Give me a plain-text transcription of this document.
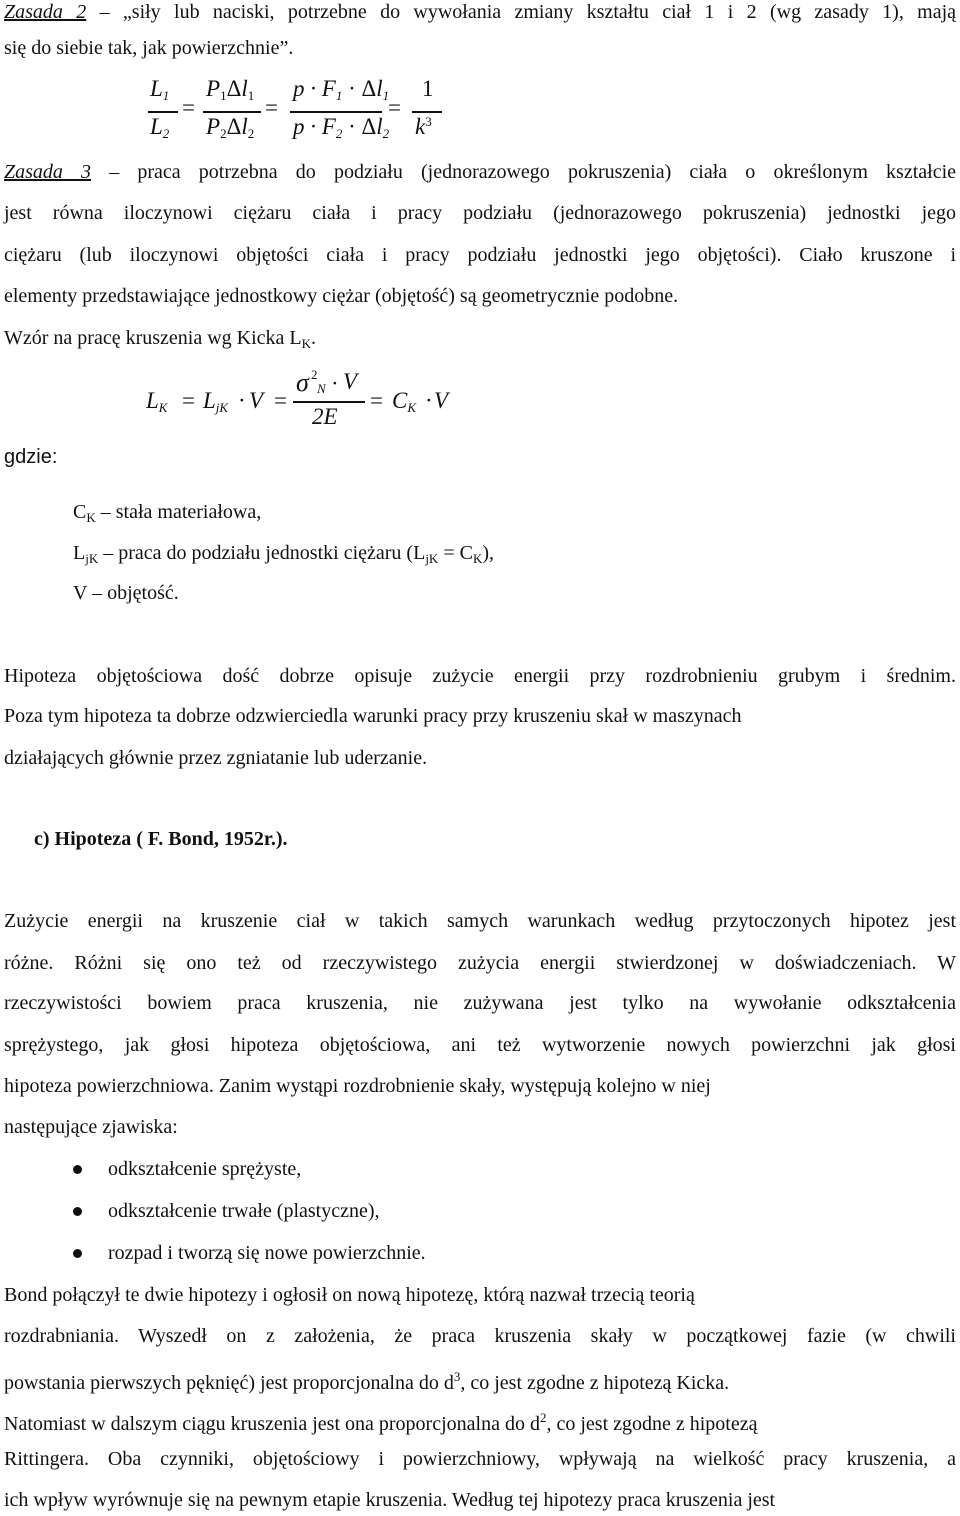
Zasada 2 – „siły lub naciski, potrzebne do wywołania zmiany kształtu ciał 1 i 2 (wg zasady 1), mają
się do siebie tak, jak powierzchnie”.
$L_1$
$L_2$
=
$P_1\Delta l_1$
$P_2\Delta l_2$
=
$p \cdot F_1 \cdot \Delta l_1$
$p \cdot F_2 \cdot \Delta l_2$
=
1
$k^3$
Zasada 3 – praca potrzebna do podziału (jednorazowego pokruszenia) ciała o określonym kształcie
jest równa iloczynowi ciężaru ciała i pracy podziału (jednorazowego pokruszenia) jednostki jego
ciężaru (lub iloczynowi objętości ciała i pracy podziału jednostki jego objętości). Ciało kruszone i
elementy przedstawiające jednostkowy ciężar (objętość) są geometrycznie podobne.
Wzór na pracę kruszenia wg Kicka $L_K$.
$L_K = L_{jK} \cdot V$ =
σ 2
N · V
2E
= $C_K \cdot V$
gdzie:
$C_K$ – stała materiałowa,
$L_{jK}$ – praca do podziału jednostki ciężaru $(L_{jK} = C_K)$,
V – objętość.
Hipoteza objętościowa dość dobrze opisuje zużycie energii przy rozdrobnieniu grubym i średnim.
Poza tym hipoteza ta dobrze odzwierciedla warunki pracy przy kruszeniu skał w maszynach
działających głównie przez zgniatanie lub uderzanie.
c) Hipoteza ( F. Bond, 1952r.).
Zużycie energii na kruszenie ciał w takich samych warunkach według przytoczonych hipotez jest
różne. Różni się ono też od rzeczywistego zużycia energii stwierdzonej w doświadczeniach. W
rzeczywistości bowiem praca kruszenia, nie zużywana jest tylko na wywołanie odkształcenia
sprężystego, jak głosi hipoteza objętościowa, ani też wytworzenie nowych powierzchni jak głosi
hipoteza powierzchniowa. Zanim wystąpi rozdrobnienie skały, występują kolejno w niej
następujące zjawiska:
odkształcenie sprężyste,
odkształcenie trwałe (plastyczne),
rozpad i tworzą się nowe powierzchnie.
Bond połączył te dwie hipotezy i ogłosił on nową hipotezę, którą nazwał trzecią teorią
rozdrabniania. Wyszedł on z założenia, że praca kruszenia skały w początkowej fazie (w chwili
powstania pierwszych pęknięć) jest proporcjonalna do $d^3$, co jest zgodne z hipotezą Kicka.
Natomiast w dalszym ciągu kruszenia jest ona proporcjonalna do $d^2$, co jest zgodne z hipotezą
Rittingera. Oba czynniki, objętościowy i powierzchniowy, wpływają na wielkość pracy kruszenia, a
ich wpływ wyrównuje się na pewnym etapie kruszenia. Według tej hipotezy praca kruszenia jest
